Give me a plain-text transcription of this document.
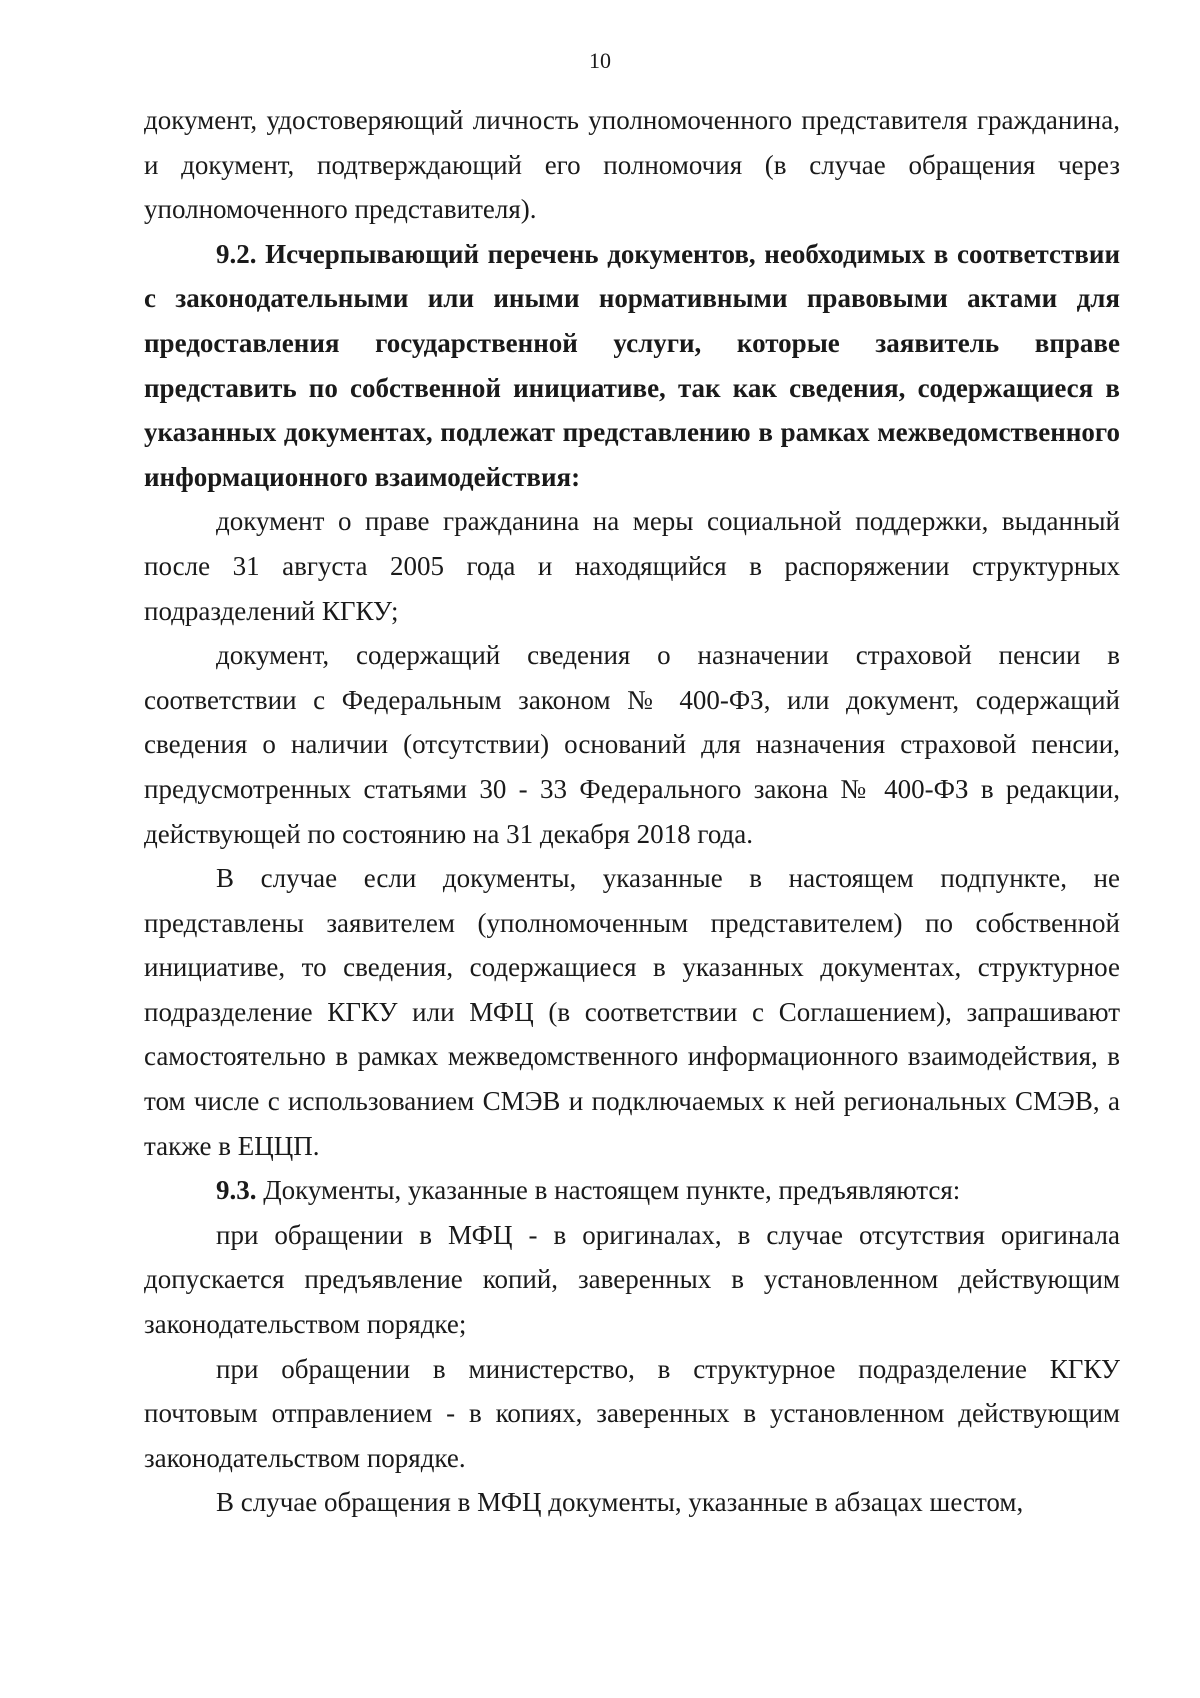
10

документ, удостоверяющий личность уполномоченного представителя гражданина, и документ, подтверждающий его полномочия (в случае обращения через уполномоченного представителя).

9.2. Исчерпывающий перечень документов, необходимых в соответствии с законодательными или иными нормативными правовыми актами для предоставления государственной услуги, которые заявитель вправе представить по собственной инициативе, так как сведения, содержащиеся в указанных документах, подлежат представлению в рамках межведомственного информационного взаимодействия:

документ о праве гражданина на меры социальной поддержки, выданный после 31 августа 2005 года и находящийся в распоряжении структурных подразделений КГКУ;

документ, содержащий сведения о назначении страховой пенсии в соответствии с Федеральным законом № 400-ФЗ, или документ, содержащий сведения о наличии (отсутствии) оснований для назначения страховой пенсии, предусмотренных статьями 30 - 33 Федерального закона № 400-ФЗ в редакции, действующей по состоянию на 31 декабря 2018 года.

В случае если документы, указанные в настоящем подпункте, не представлены заявителем (уполномоченным представителем) по собственной инициативе, то сведения, содержащиеся в указанных документах, структурное подразделение КГКУ или МФЦ (в соответствии с Соглашением), запрашивают самостоятельно в рамках межведомственного информационного взаимодействия, в том числе с использованием СМЭВ и подключаемых к ней региональных СМЭВ, а также в ЕЦЦП.

9.3. Документы, указанные в настоящем пункте, предъявляются:

при обращении в МФЦ - в оригиналах, в случае отсутствия оригинала допускается предъявление копий, заверенных в установленном действующим законодательством порядке;

при обращении в министерство, в структурное подразделение КГКУ почтовым отправлением - в копиях, заверенных в установленном действующим законодательством порядке.

В случае обращения в МФЦ документы, указанные в абзацах шестом,
